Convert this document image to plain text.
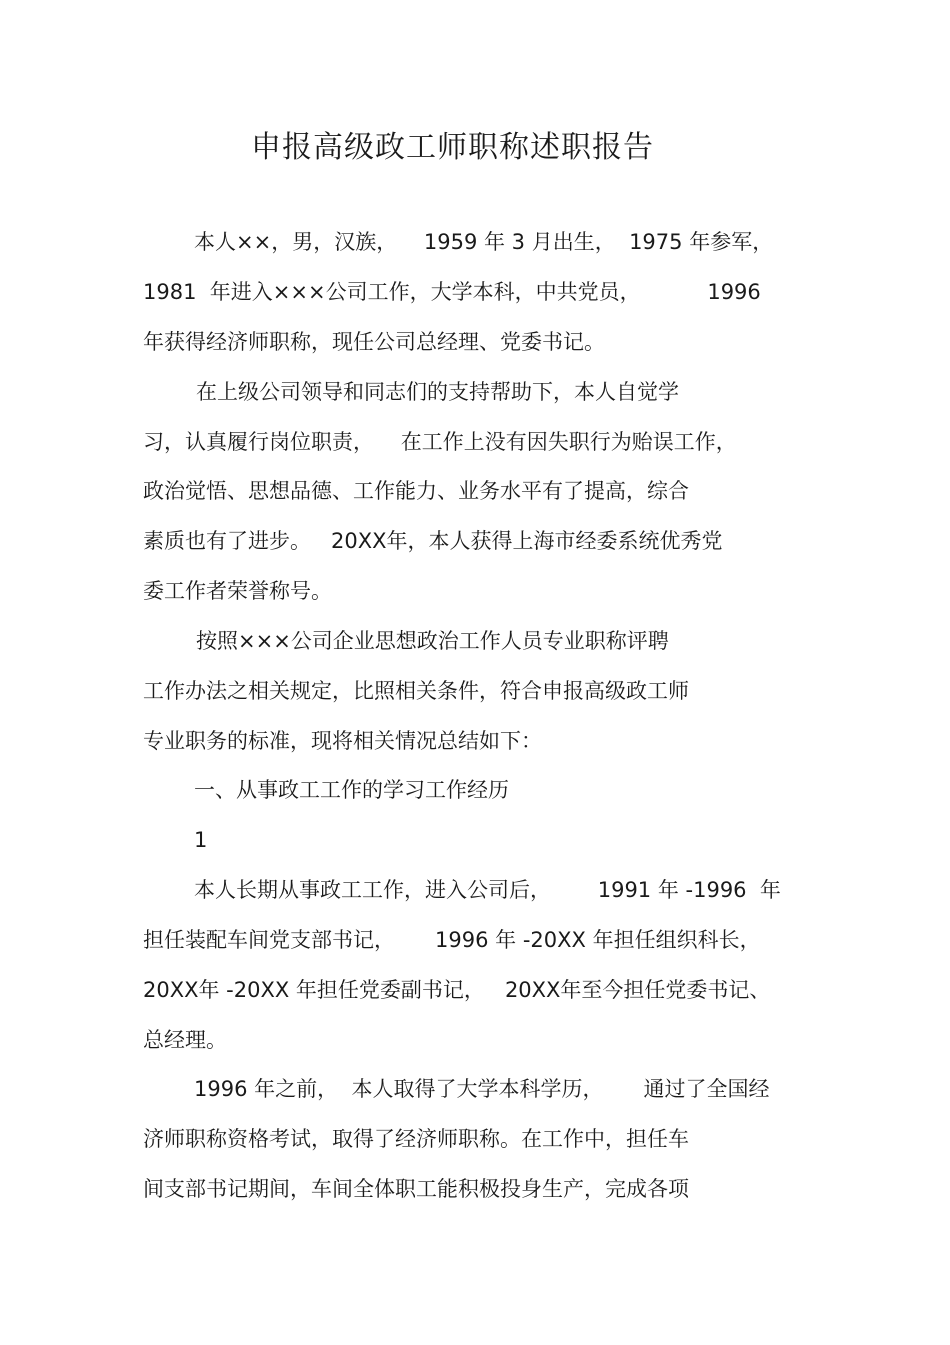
申报高级政工师职称述职报告
本人××，男，汉族，    1959 年 3 月出生，  1975 年参军，
1981  年进入×××公司工作，大学本科，中共党员，          1996
年获得经济师职称，现任公司总经理、党委书记。
在上级公司领导和同志们的支持帮助下，本人自觉学
习，认真履行岗位职责，    在工作上没有因失职行为贻误工作，
政治觉悟、思想品德、工作能力、业务水平有了提高，综合
素质也有了进步。   20XX年，本人获得上海市经委系统优秀党
委工作者荣誉称号。
按照×××公司企业思想政治工作人员专业职称评聘
工作办法之相关规定，比照相关条件，符合申报高级政工师
专业职务的标准，现将相关情况总结如下：
一、从事政工工作的学习工作经历
1
本人长期从事政工工作，进入公司后，       1991 年 -1996  年
担任装配车间党支部书记，      1996 年 -20XX 年担任组织科长，
20XX年 -20XX 年担任党委副书记，   20XX年至今担任党委书记、
总经理。
1996 年之前，  本人取得了大学本科学历，      通过了全国经
济师职称资格考试，取得了经济师职称。在工作中，担任车
间支部书记期间，车间全体职工能积极投身生产，完成各项
